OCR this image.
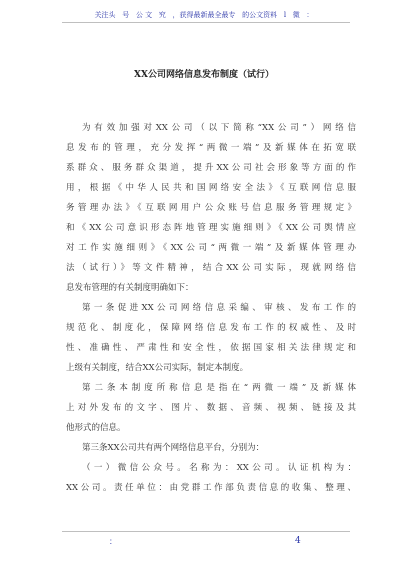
关注头   号   公 文   究   ，获得最新最全最专   的公文资料   l   微   ：
XX公司网络信息发布制度（试行）
为有效加强对XX公司（以下简称“XX公司”）网络信
息发布的管理，充分发挥“两微一端”及新媒体在拓宽联
系群众、服务群众渠道，提升XX公司社会形象等方面的作
用，根据《中华人民共和国网络安全法》《互联网信息服
务管理办法》《互联网用户公众账号信息服务管理规定》
和《XX公司意识形态阵地管理实施细则》《XX公司舆情应
对工作实施细则》《XX公司“两微一端”及新媒体管理办
法（试行）》等文件精神，结合XX公司实际，现就网络信
息发布管理的有关制度明确如下：
第一条促进XX公司网络信息采编、审核、发布工作的
规范化、制度化，保障网络信息发布工作的权威性、及时
性、准确性、严肃性和安全性，依据国家相关法律规定和
上级有关制度，结合XX公司实际，制定本制度。
第二条本制度所称信息是指在“两微一端”及新媒体
上对外发布的文字、图片、数据、音频、视频、链接及其
他形式的信息。
第三条XX公司共有两个网络信息平台，分别为：
（一）微信公众号。名称为：XX公司。认证机构为：
XX公司。责任单位：由党群工作部负责信息的收集、整理、
：	4
